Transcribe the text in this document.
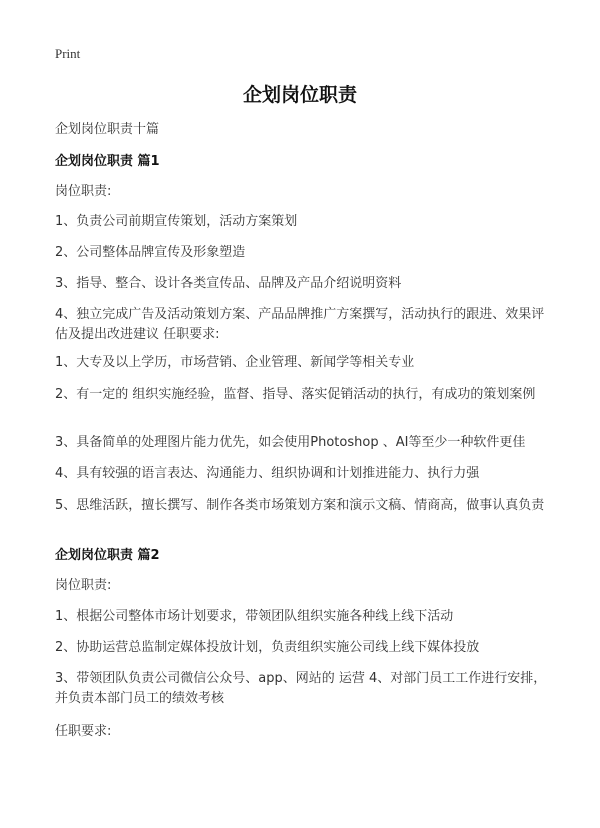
Print
企划岗位职责
企划岗位职责十篇
企划岗位职责 篇1
岗位职责:
1、负责公司前期宣传策划，活动方案策划
2、公司整体品牌宣传及形象塑造
3、指导、整合、设计各类宣传品、品牌及产品介绍说明资料
4、独立完成广告及活动策划方案、产品品牌推广方案撰写，活动执行的跟进、效果评估及提出改进建议 任职要求:
1、大专及以上学历，市场营销、企业管理、新闻学等相关专业
2、有一定的 组织实施经验，监督、指导、落实促销活动的执行，有成功的策划案例
3、具备简单的处理图片能力优先，如会使用Photoshop 、AI等至少一种软件更佳
4、具有较强的语言表达、沟通能力、组织协调和计划推进能力、执行力强
5、思维活跃，擅长撰写、制作各类市场策划方案和演示文稿、情商高，做事认真负责
企划岗位职责 篇2
岗位职责:
1、根据公司整体市场计划要求，带领团队组织实施各种线上线下活动
2、协助运营总监制定媒体投放计划，负责组织实施公司线上线下媒体投放
3、带领团队负责公司微信公众号、app、网站的 运营 4、对部门员工工作进行安排，并负责本部门员工的绩效考核
任职要求:
